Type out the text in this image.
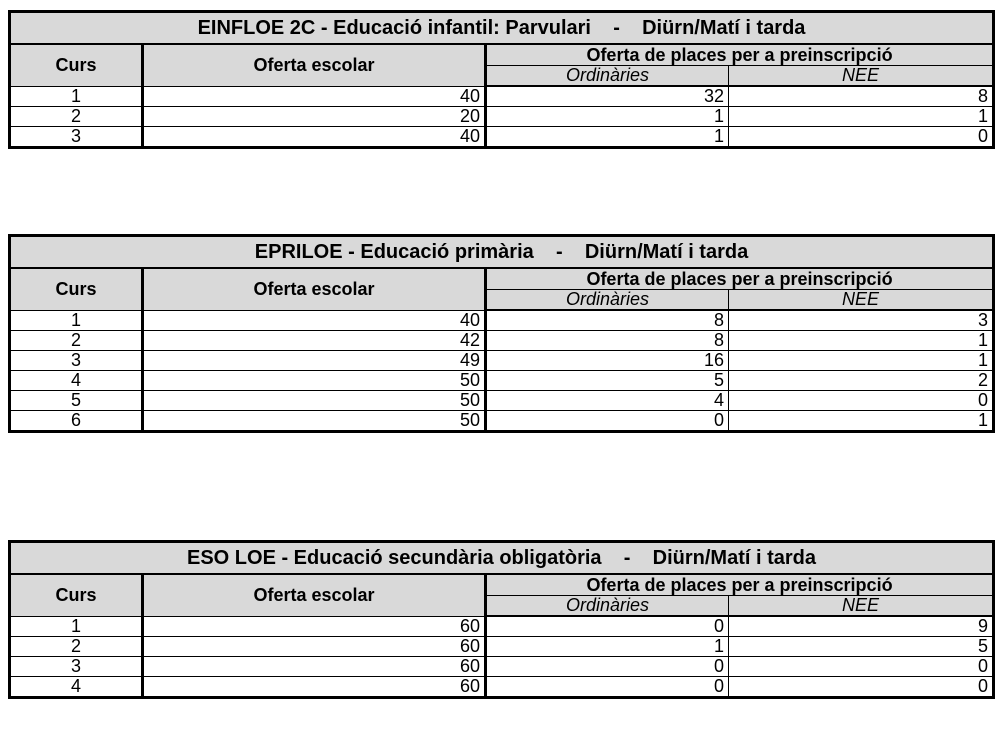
EINFLOE 2C - Educació infantil: Parvulari    -    Diürn/Matí i tarda			
Curs	Oferta escolar	Oferta de places per a preinscripció	
		Ordinàries	NEE
1	40	32	8
2	20	1	1
3	40	1	0
EPRILOE - Educació primària    -    Diürn/Matí i tarda			
Curs	Oferta escolar	Oferta de places per a preinscripció	
		Ordinàries	NEE
1	40	8	3
2	42	8	1
3	49	16	1
4	50	5	2
5	50	4	0
6	50	0	1
ESO LOE - Educació secundària obligatòria    -    Diürn/Matí i tarda			
Curs	Oferta escolar	Oferta de places per a preinscripció	
		Ordinàries	NEE
1	60	0	9
2	60	1	5
3	60	0	0
4	60	0	0
